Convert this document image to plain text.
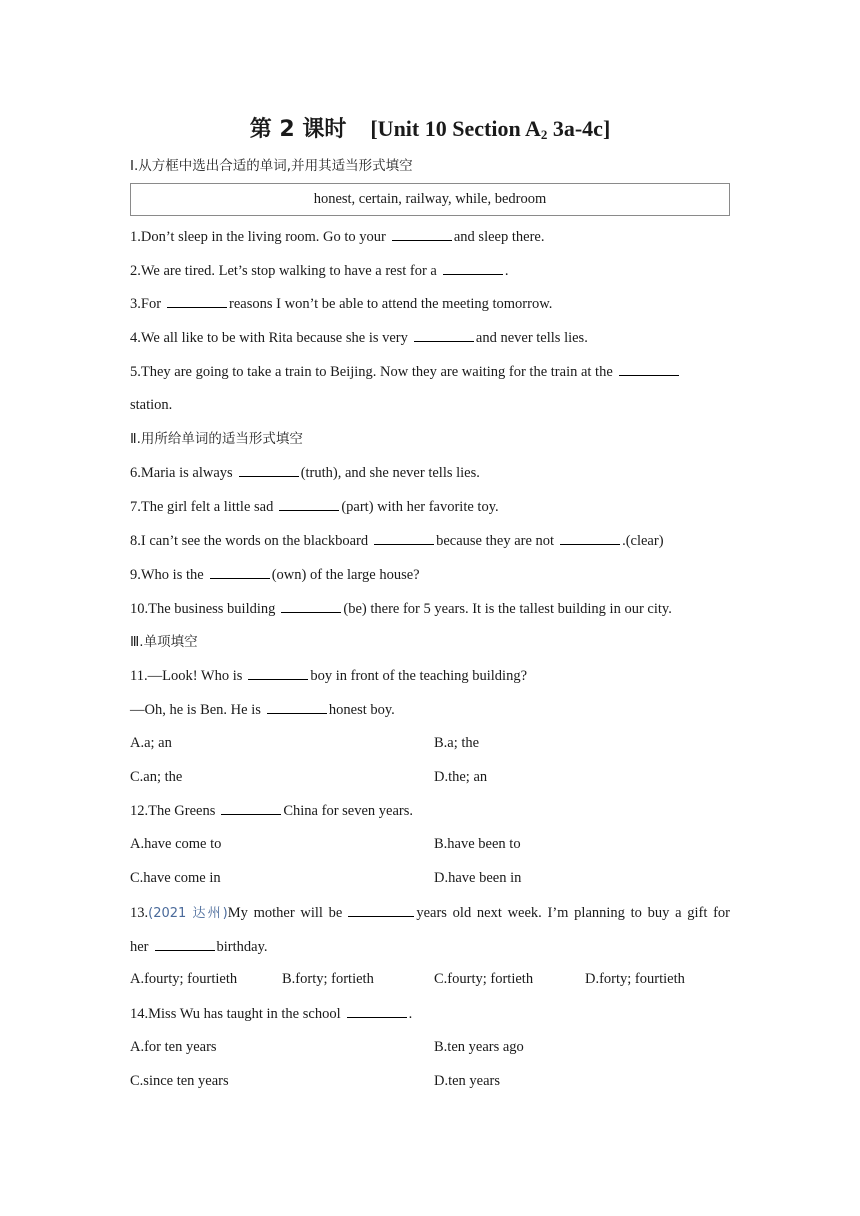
第 2 课时 [Unit 10 Section $A_2$ 3a-4c]
Ⅰ.从方框中选出合适的单词,并用其适当形式填空
honest, certain, railway, while, bedroom
1.Don’t sleep in the living room. Go to your	and sleep there.
2.We are tired. Let’s stop walking to have a rest for a	.
3.For	reasons I won’t be able to attend the meeting tomorrow.
4.We all like to be with Rita because she is very	and never tells lies.
5.They are going to take a train to Beijing. Now they are waiting for the train at the
station.
Ⅱ.用所给单词的适当形式填空
6.Maria is always	(truth), and she never tells lies.
7.The girl felt a little sad	(part) with her favorite toy.
8.I can’t see the words on the blackboard	because they are not	.(clear)
9.Who is the	(own) of the large house?
10.The business building	(be) there for 5 years. It is the tallest building in our city.
Ⅲ.单项填空
11.—Look! Who is	boy in front of the teaching building?
—Oh, he is Ben. He is	honest boy.
A.a; an	B.a; the
C.an; the	D.the; an
12.The Greens	China for seven years.
A.have come to	B.have been to
C.have come in	D.have been in
13.(2021 达州)My mother will be	years old next week. I’m planning to buy a gift for
her	birthday.
A.fourty; fourtieth	B.forty; fortieth	C.fourty; fortieth	D.forty; fourtieth
14.Miss Wu has taught in the school	.
A.for ten years	B.ten years ago
C.since ten years	D.ten years
